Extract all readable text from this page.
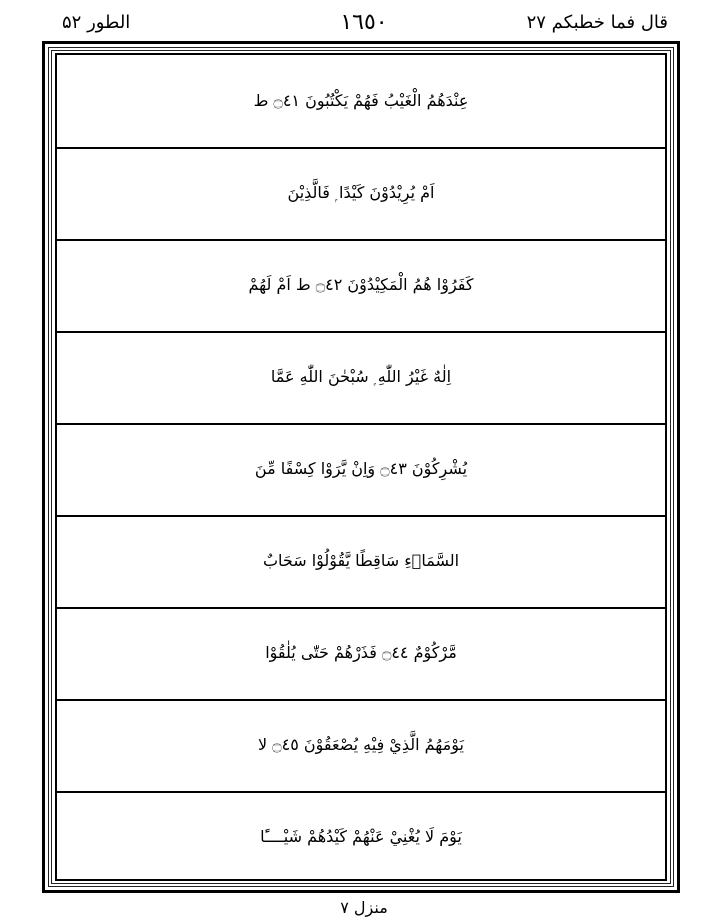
الطور ۵۲	١٦٥٠	قال فما خطبکم ۲۷
عِنْدَهُمُ الْغَيْبُ فَهُمْ يَكْتُبُونَ ۝٤١ ط
اَمْ يُرِيْدُوْنَ كَيْدًا ۭ فَالَّذِيْنَ
كَفَرُوْا هُمُ الْمَكِيْدُوْنَ ۝٤٢ ط اَمْ لَهُمْ
اِلٰهٌ غَيْرُ اللّٰهِ ۭ سُبْحٰنَ اللّٰهِ عَمَّا
يُشْرِكُوْنَ ۝٤٣ وَاِنْ يَّرَوْا كِسْفًا مِّنَ
السَّمَاۗءِ سَاقِطًا يَّقُوْلُوْا سَحَابٌ
مَّرْكُوْمٌ ۝٤٤ فَذَرْهُمْ حَتّٰى يُلٰقُوْا
يَوْمَهُمُ الَّذِيْ فِيْهِ يُصْعَقُوْنَ ۝٤٥ لا
يَوْمَ لَا يُغْنِيْ عَنْهُمْ كَيْدُهُمْ شَيْــــًٔا
منزل ۷
